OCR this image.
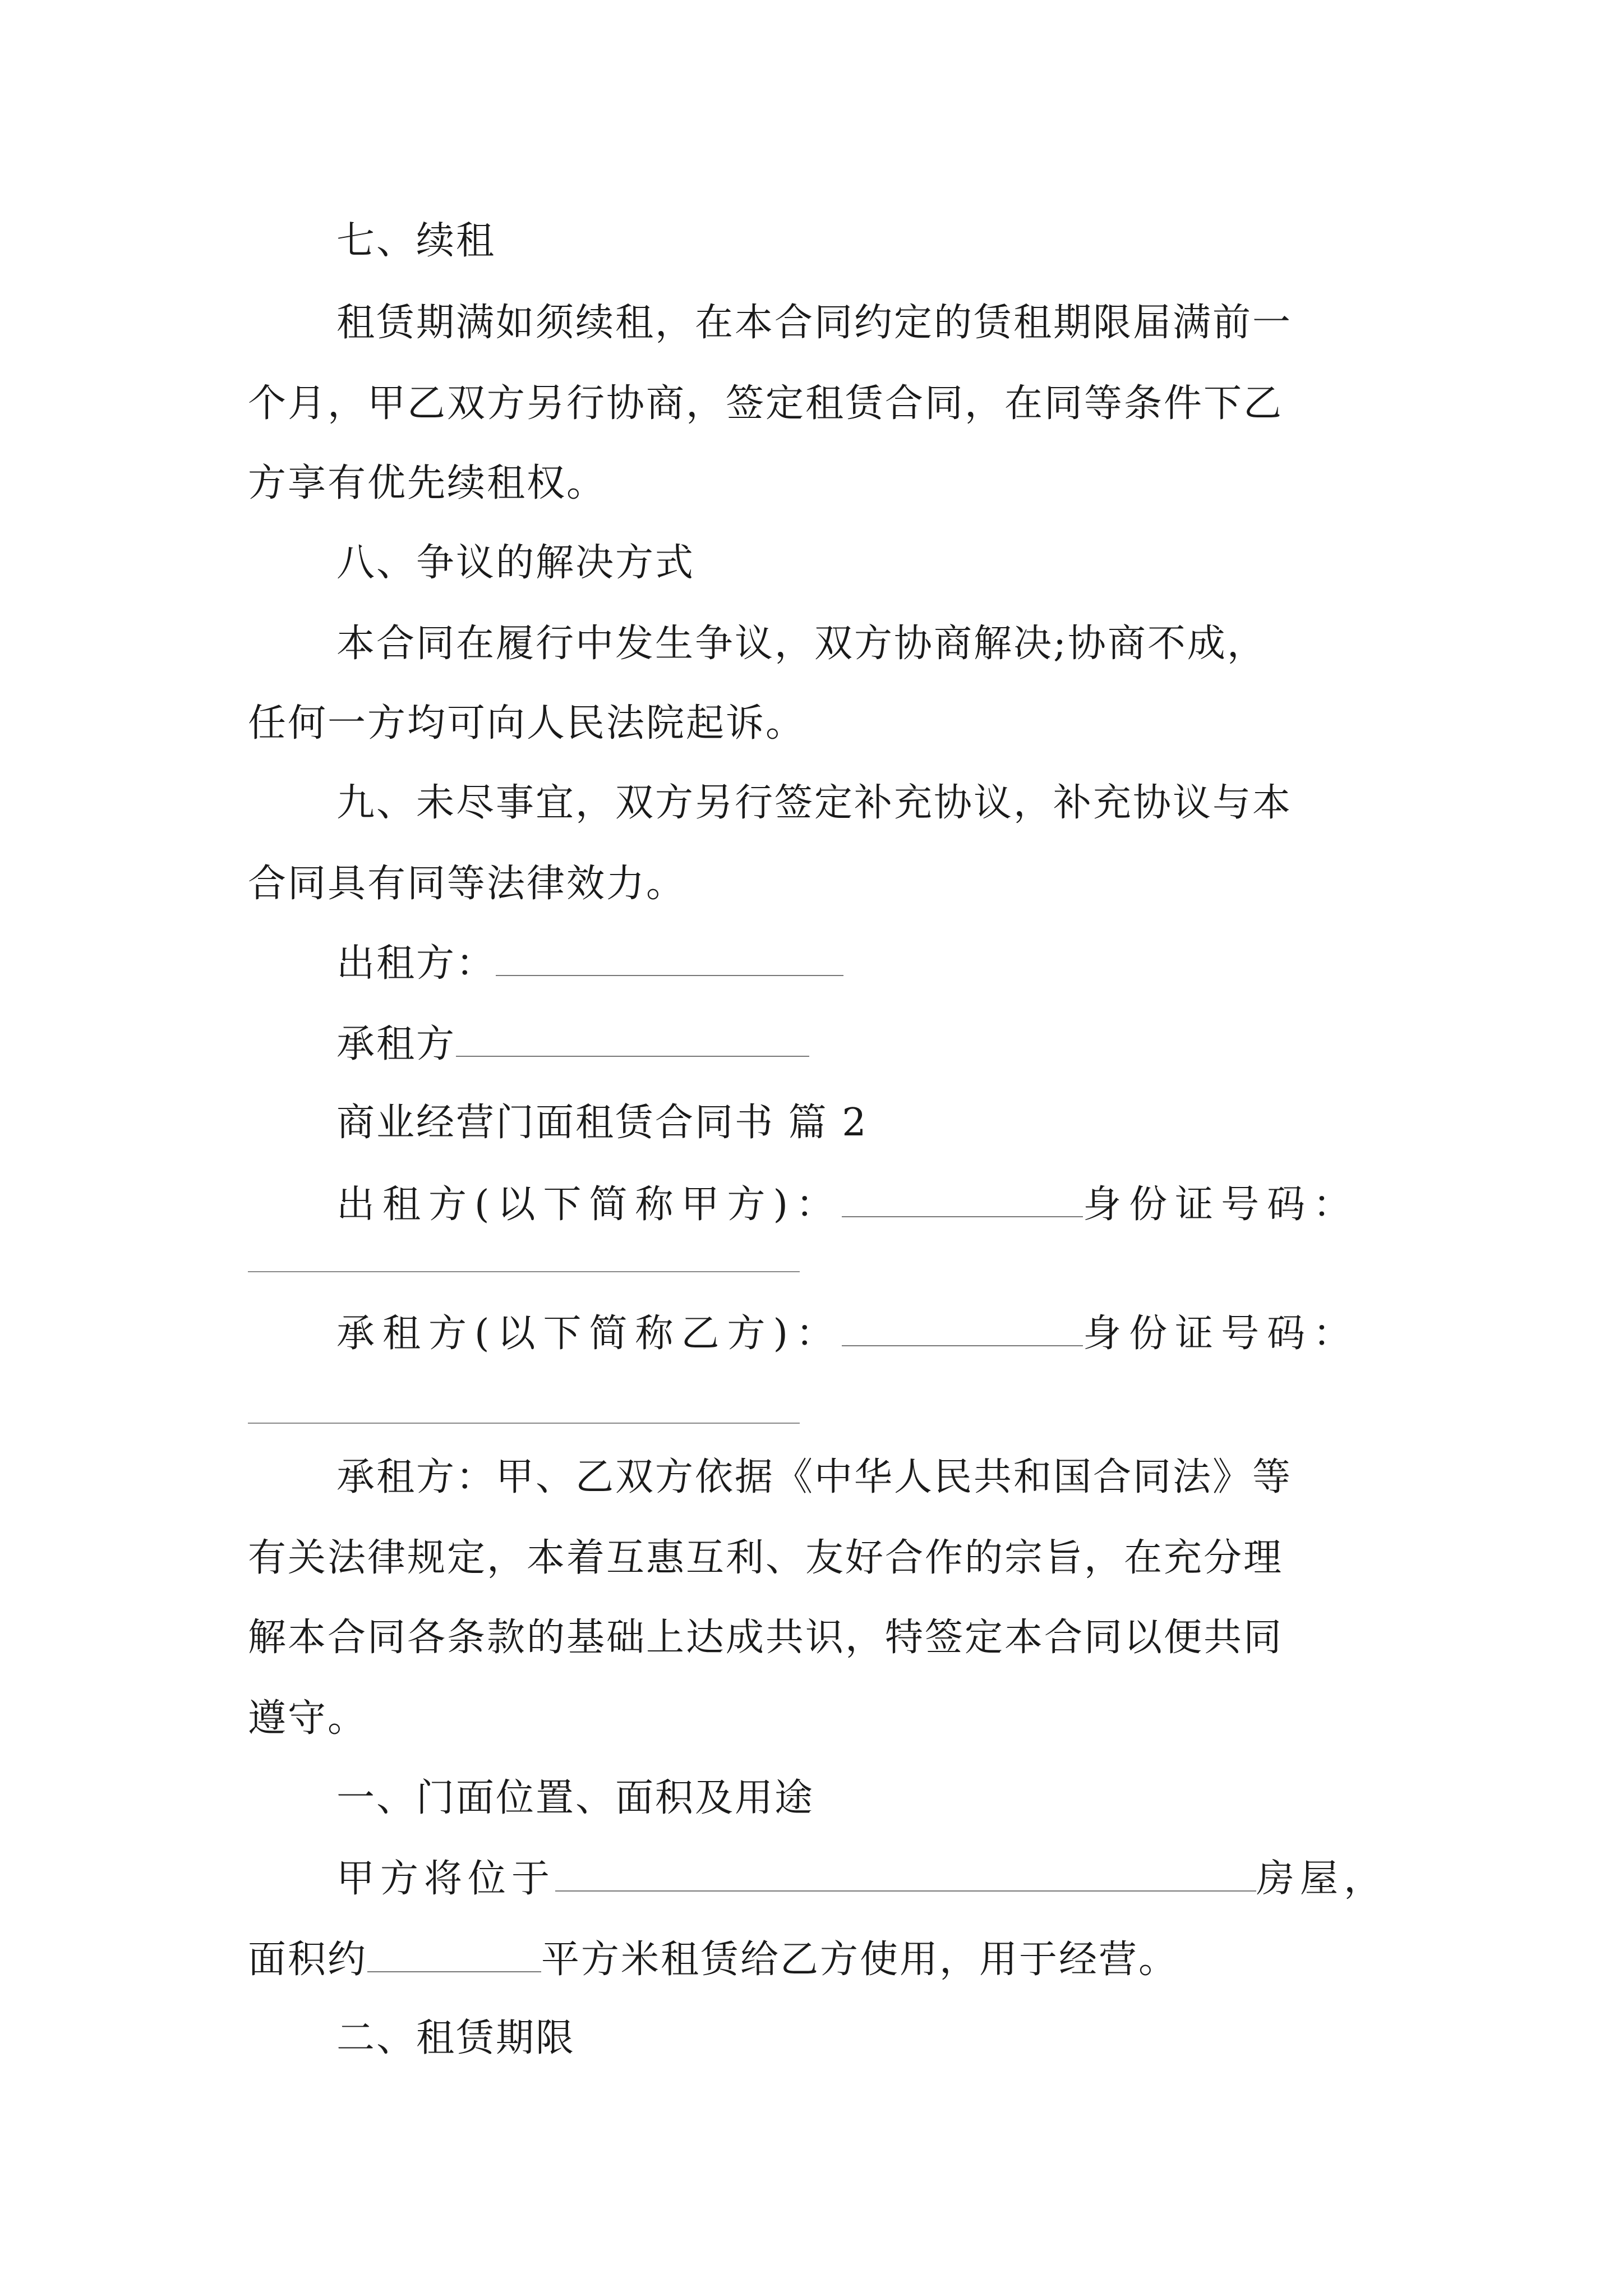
七、续租
租赁期满如须续租，在本合同约定的赁租期限届满前一
个月，甲乙双方另行协商，签定租赁合同，在同等条件下乙
方享有优先续租权。
八、争议的解决方式
本合同在履行中发生争议，双方协商解决;协商不成，
任何一方均可向人民法院起诉。
九、未尽事宜，双方另行签定补充协议，补充协议与本
合同具有同等法律效力。
出租方：
承租方
商业经营门面租赁合同书 篇 2
出租方(以下简称甲方)：	身份证号码：
承租方(以下简称乙方)：	身份证号码：
承租方：甲、乙双方依据《中华人民共和国合同法》等
有关法律规定，本着互惠互利、友好合作的宗旨，在充分理
解本合同各条款的基础上达成共识，特签定本合同以便共同
遵守。
一、门面位置、面积及用途
甲方将位于	房屋，
面积约	平方米租赁给乙方使用，用于经营。
二、租赁期限
